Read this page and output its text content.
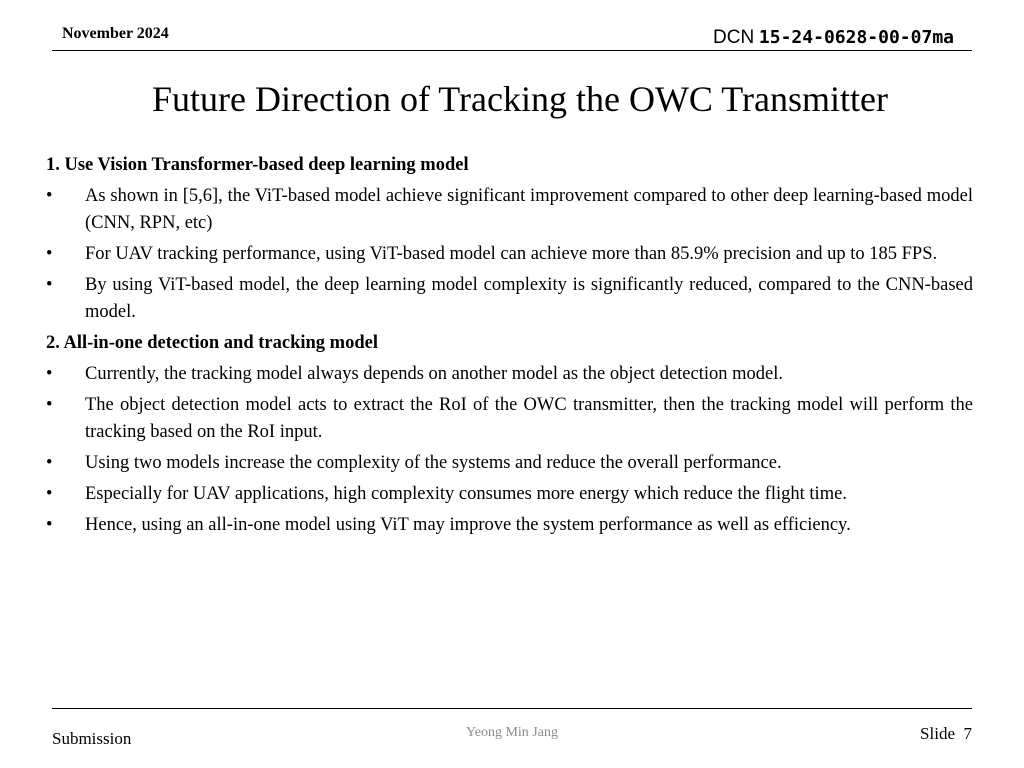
November 2024	DCN 15-24-0628-00-07ma
Future Direction of Tracking the OWC Transmitter
1. Use Vision Transformer-based deep learning model
• As shown in [5,6], the ViT-based model achieve significant improvement compared to other deep learning-based model (CNN, RPN, etc)
• For UAV tracking performance, using ViT-based model can achieve more than 85.9% precision and up to 185 FPS.
• By using ViT-based model, the deep learning model complexity is significantly reduced, compared to the CNN-based model.
2. All-in-one detection and tracking model
• Currently, the tracking model always depends on another model as the object detection model.
• The object detection model acts to extract the RoI of the OWC transmitter, then the tracking model will perform the tracking based on the RoI input.
• Using two models increase the complexity of the systems and reduce the overall performance.
• Especially for UAV applications, high complexity consumes more energy which reduce the flight time.
• Hence, using an all-in-one model using ViT may improve the system performance as well as efficiency.
Submission	Yeong Min Jang	Slide 7
